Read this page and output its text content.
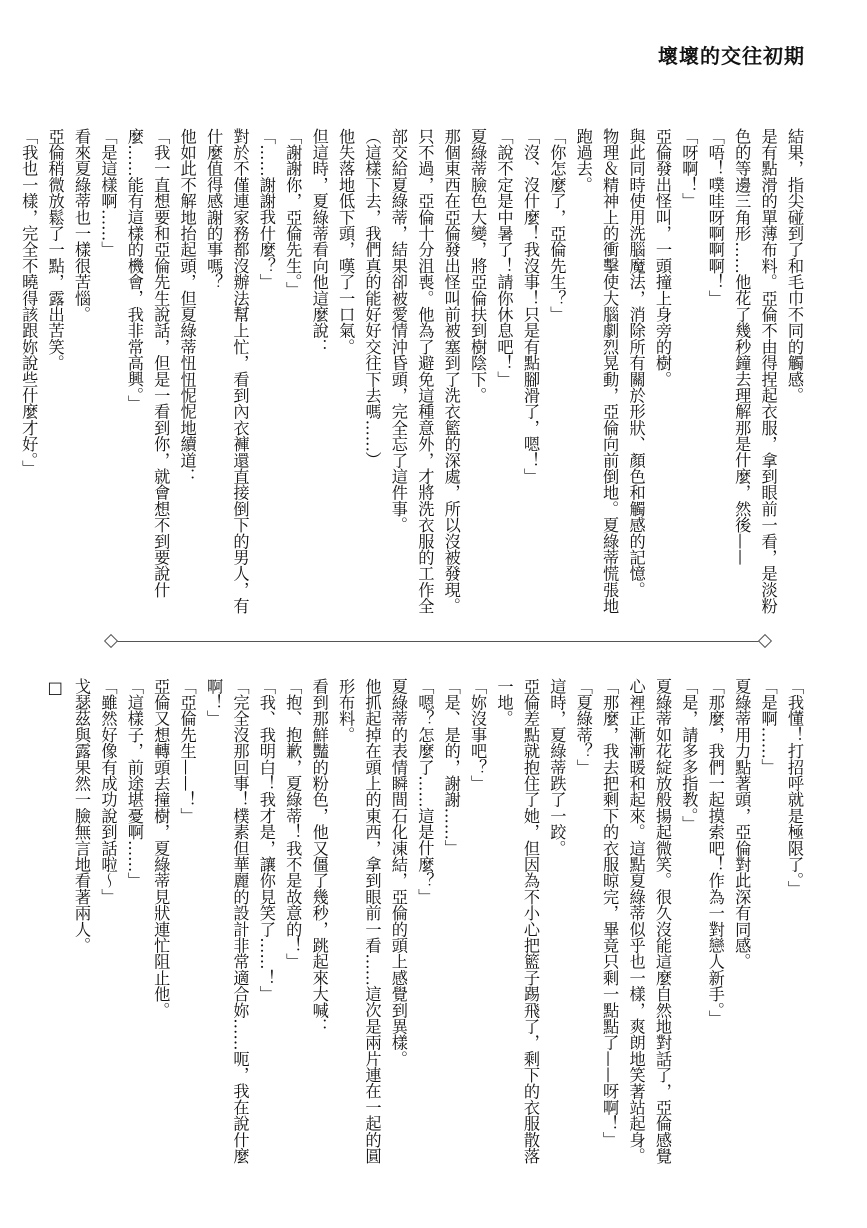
壞壞的交往初期
結果，指尖碰到了和毛巾不同的觸感。
是有點滑的單薄布料。亞倫不由得捏起衣服，拿到眼前一看，是淡粉
色的等邊三角形……他花了幾秒鐘去理解那是什麼，然後——
「唔！噗哇呀啊啊啊！」
「呀啊！」
亞倫發出怪叫，一頭撞上身旁的樹。
與此同時使用洗腦魔法，消除所有關於形狀、顏色和觸感的記憶。
物理＆精神上的衝擊使大腦劇烈晃動，亞倫向前倒地。夏綠蒂慌張地
跑過去。
「你怎麼了，亞倫先生？」
「沒、沒什麼！我沒事！只是有點腳滑了，嗯！」
「說不定是中暑了！請你休息吧！」
夏綠蒂臉色大變，將亞倫扶到樹陰下。
那個東西在亞倫發出怪叫前被塞到了洗衣籃的深處，所以沒被發現。
只不過，亞倫十分沮喪。他為了避免這種意外，才將洗衣服的工作全
部交給夏綠蒂，結果卻被愛情沖昏頭，完全忘了這件事。
（這樣下去，我們真的能好好交往下去嗎……）
他失落地低下頭，嘆了一口氣。
但這時，夏綠蒂看向他這麼說：
「謝謝你，亞倫先生。」
「……謝謝我什麼？」
對於不僅連家務都沒辦法幫上忙，看到內衣褲還直接倒下的男人，有
什麼值得感謝的事嗎？
他如此不解地抬起頭，但夏綠蒂忸忸怩怩地續道：
「我一直想要和亞倫先生說話，但是一看到你，就會想不到要說什
麼……能有這樣的機會，我非常高興。」
「是這樣啊……」
看來夏綠蒂也一樣很苦惱。
亞倫稍微放鬆了一點，露出苦笑。
「我也一樣，完全不曉得該跟妳說些什麼才好。」
「我懂！打招呼就是極限了。」
「是啊……」
夏綠蒂用力點著頭，亞倫對此深有同感。
「那麼，我們一起摸索吧！作為一對戀人新手。」
「是，請多多指教。」
夏綠蒂如花綻放般揚起微笑。很久沒能這麼自然地對話了，亞倫感覺
心裡正漸漸暖和起來。這點夏綠蒂似乎也一樣，爽朗地笑著站起身。
「那麼，我去把剩下的衣服晾完，畢竟只剩一點點了——呀啊！」
「夏綠蒂？」
這時，夏綠蒂跌了一跤。
亞倫差點就抱住了她，但因為不小心把籃子踢飛了，剩下的衣服散落
一地。
「妳沒事吧？」
「是、是的，謝謝……」
「嗯？怎麼了……這是什麼？」
夏綠蒂的表情瞬間石化凍結，亞倫的頭上感覺到異樣。
他抓起掉在頭上的東西，拿到眼前一看……這次是兩片連在一起的圓
形布料。
看到那鮮豔的粉色，他又僵了幾秒，跳起來大喊：
「抱、抱歉，夏綠蒂！我不是故意的！」
「我、我明白！我才是，讓你見笑了……！」
「完全沒那回事！樸素但華麗的設計非常適合妳……呃，我在說什麼
啊！」
「亞倫先生——！」
亞倫又想轉頭去撞樹，夏綠蒂見狀連忙阻止他。
「這樣子，前途堪憂啊……」
「雖然好像有成功說到話啦～」
戈瑟茲與露果然一臉無言地看著兩人。
□
